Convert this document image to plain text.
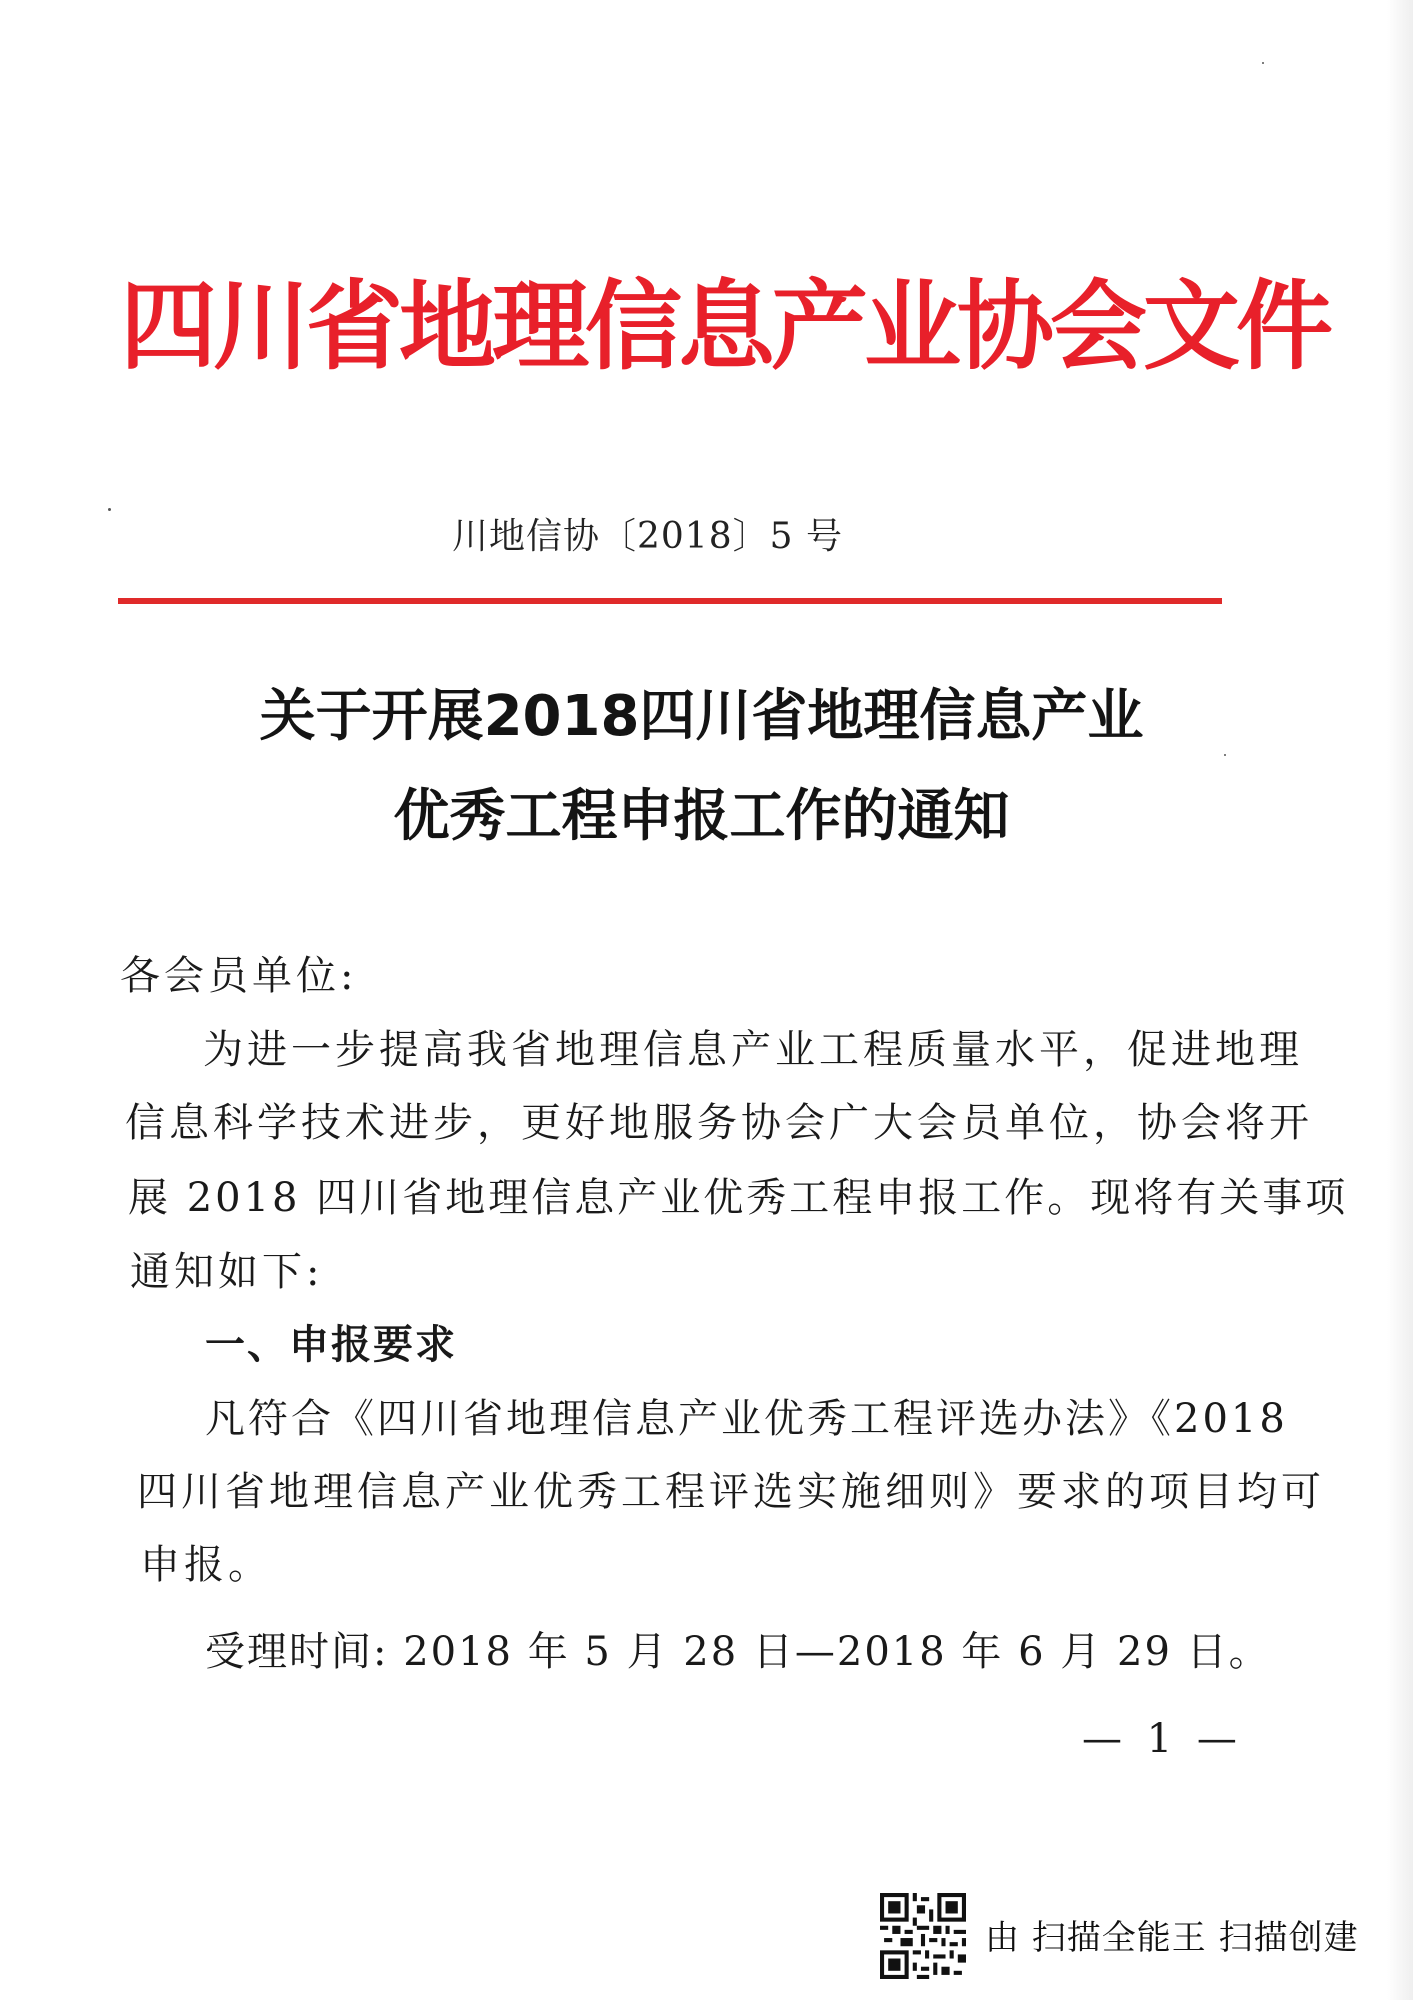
四川省地理信息产业协会文件
川地信协〔2018〕5 号
关于开展2018四川省地理信息产业
优秀工程申报工作的通知
各会员单位:
为进一步提高我省地理信息产业工程质量水平，促进地理
信息科学技术进步，更好地服务协会广大会员单位，协会将开
展 2018 四川省地理信息产业优秀工程申报工作。现将有关事项
通知如下:
一、申报要求
凡符合《四川省地理信息产业优秀工程评选办法》《2018
四川省地理信息产业优秀工程评选实施细则》要求的项目均可
申报。
受理时间: 2018 年 5 月 28 日—2018 年 6 月 29 日。
— 1 —
由 扫描全能王 扫描创建
